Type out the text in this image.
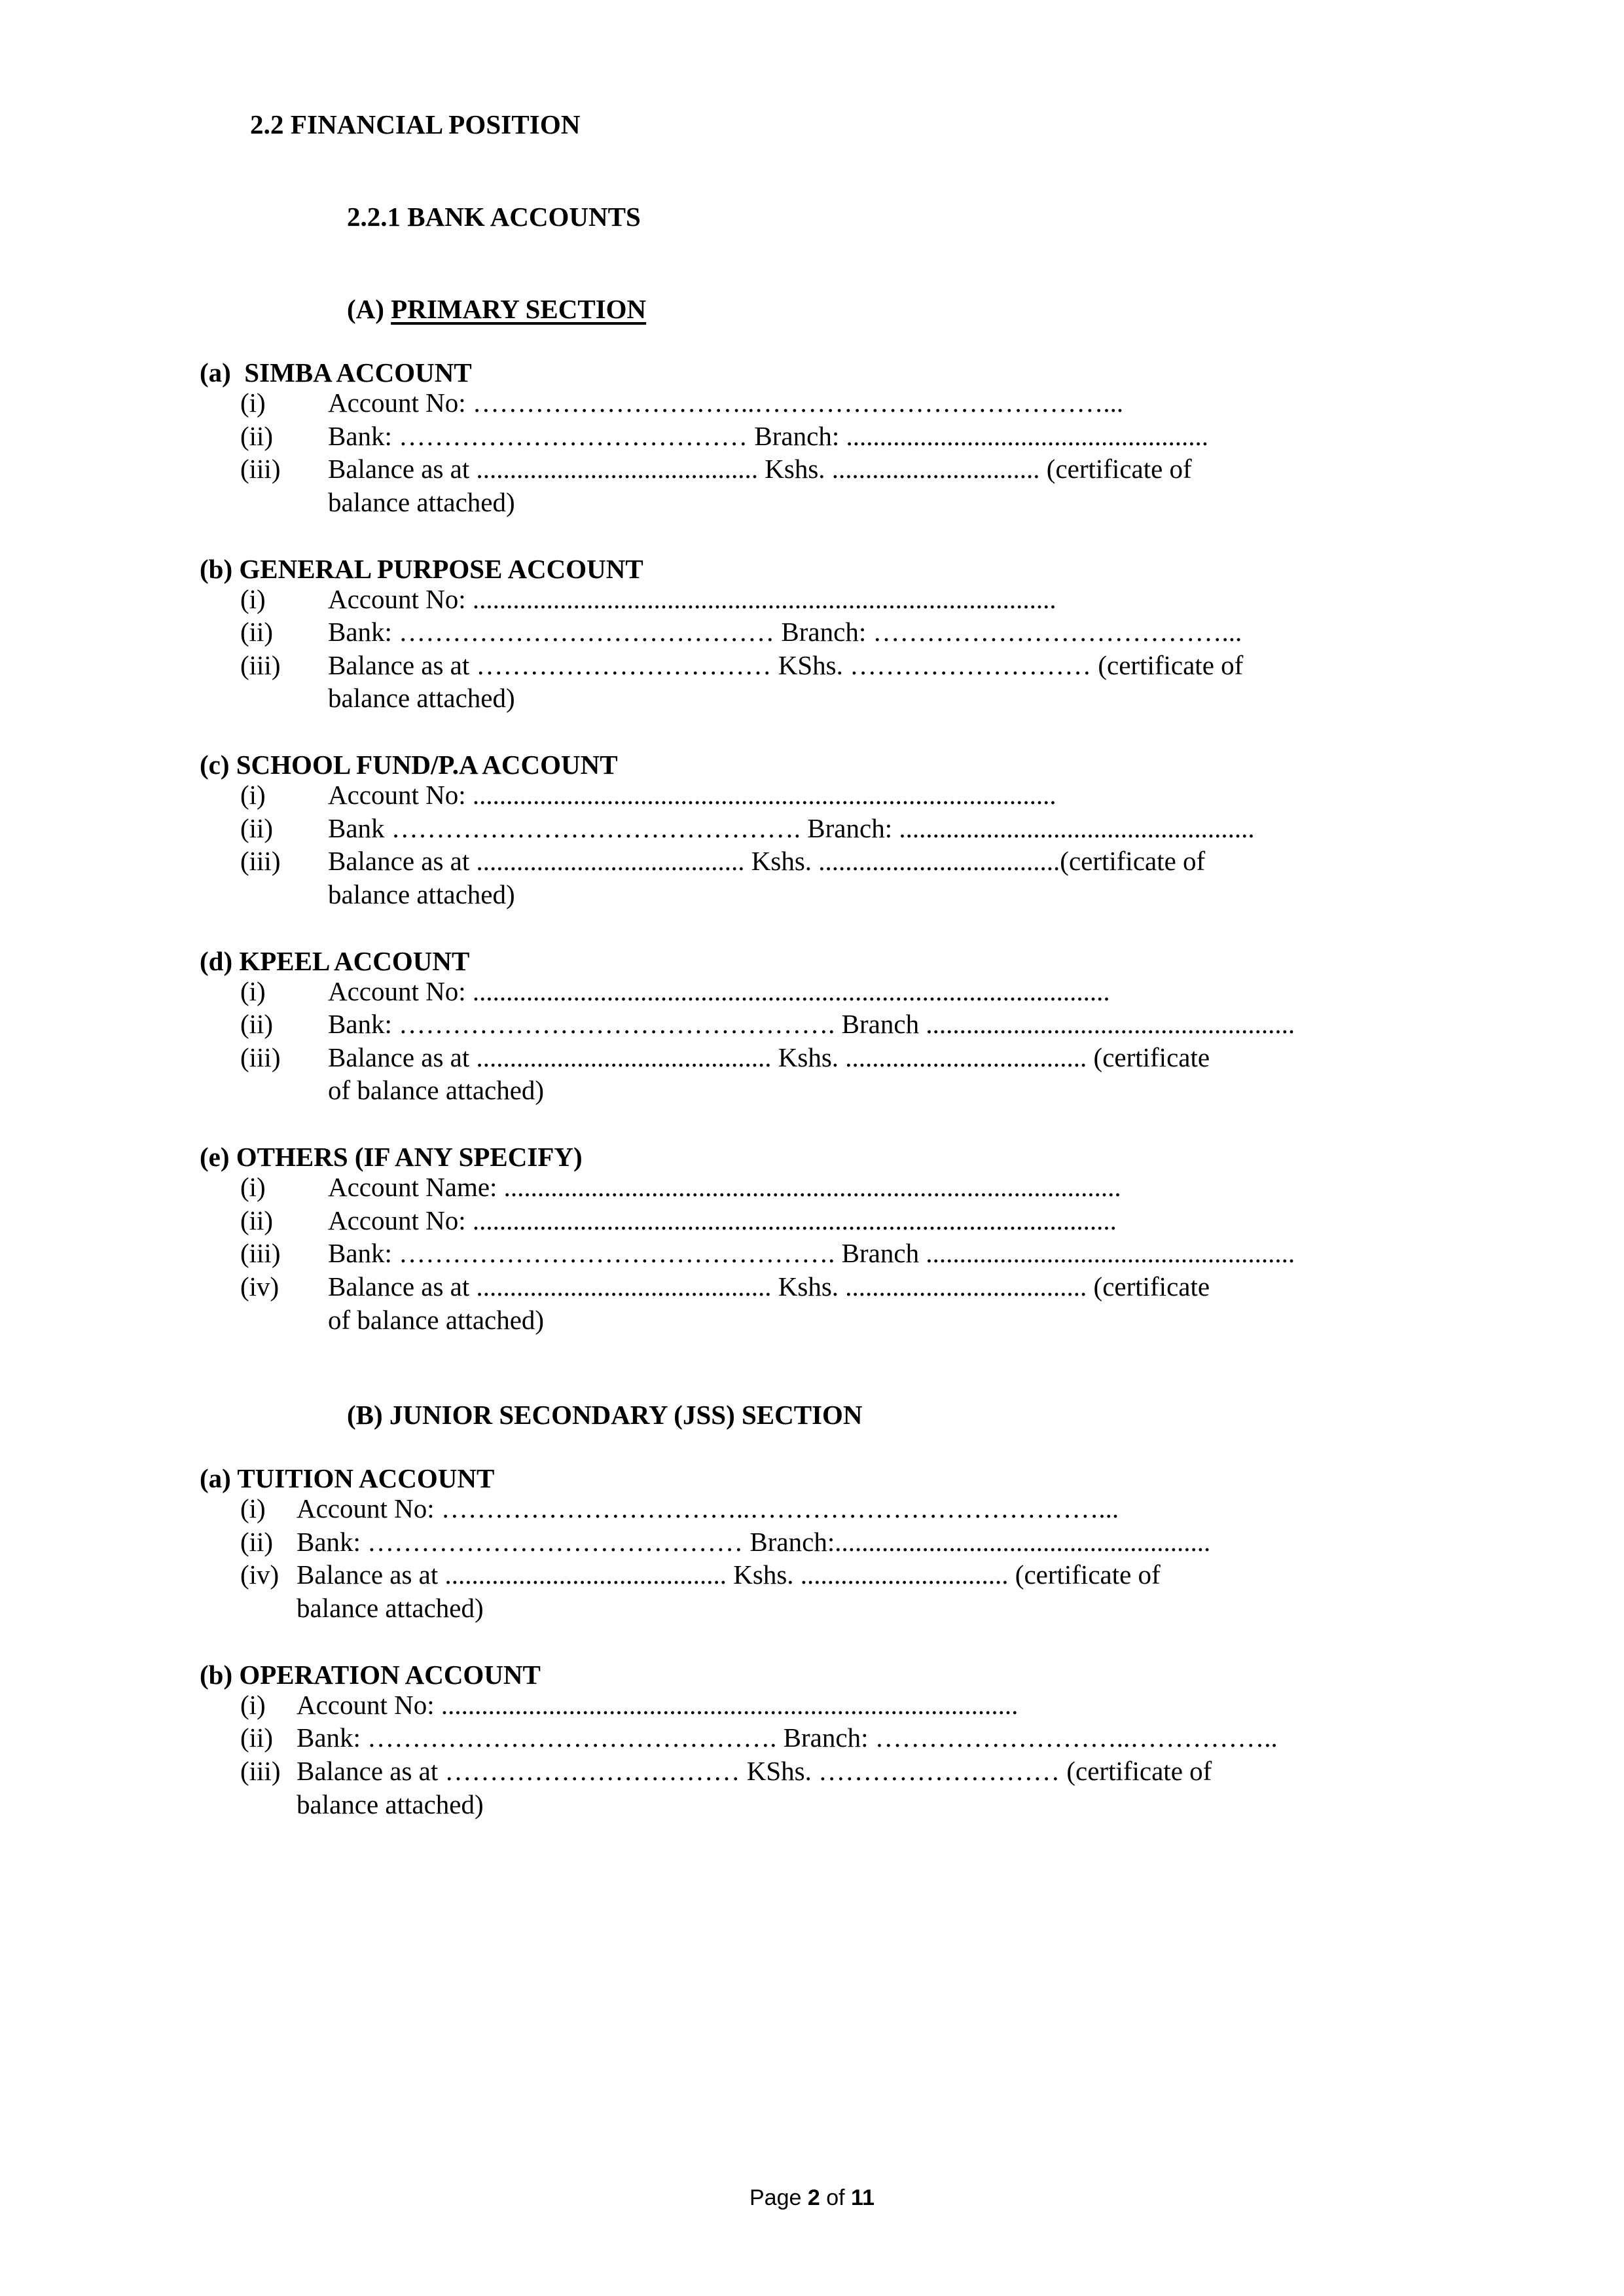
2.2 FINANCIAL POSITION
2.2.1 BANK ACCOUNTS
(A) PRIMARY SECTION
(a)  SIMBA ACCOUNT
(i) Account No: …………………………..…………………………………...
(ii) Bank: ………………………………… Branch: ......................................................
(iii) Balance as at .......................................... Kshs. ............................... (certificate of
balance attached)
(b) GENERAL PURPOSE ACCOUNT
(i) Account No: .......................................................................................
(ii) Bank: …………………………………… Branch: …………………………………...
(iii) Balance as at …………………………… KShs. ……………………… (certificate of
balance attached)
(c) SCHOOL FUND/P.A ACCOUNT
(i) Account No: .......................................................................................
(ii) Bank ………………………………………. Branch: .....................................................
(iii) Balance as at ........................................ Kshs. ....................................(certificate of
balance attached)
(d) KPEEL ACCOUNT
(i) Account No: ...............................................................................................
(ii) Bank: …………………………………………. Branch .......................................................
(iii) Balance as at ............................................ Kshs. .................................... (certificate
of balance attached)
(e) OTHERS (IF ANY SPECIFY)
(i) Account Name: ............................................................................................
(ii) Account No: ................................................................................................
(iii) Bank: …………………………………………. Branch .......................................................
(iv) Balance as at ............................................ Kshs. .................................... (certificate
of balance attached)
(B) JUNIOR SECONDARY (JSS) SECTION
(a) TUITION ACCOUNT
(i) Account No: ……………………………..…………………………………...
(ii) Bank: …………………………………… Branch:........................................................
(iv) Balance as at .......................................... Kshs. ............................... (certificate of
balance attached)
(b) OPERATION ACCOUNT
(i) Account No: ......................................................................................
(ii) Bank: ………………………………………. Branch: ………………………..……………..
(iii) Balance as at …………………………… KShs. ……………………… (certificate of
balance attached)
Page 2 of 11
